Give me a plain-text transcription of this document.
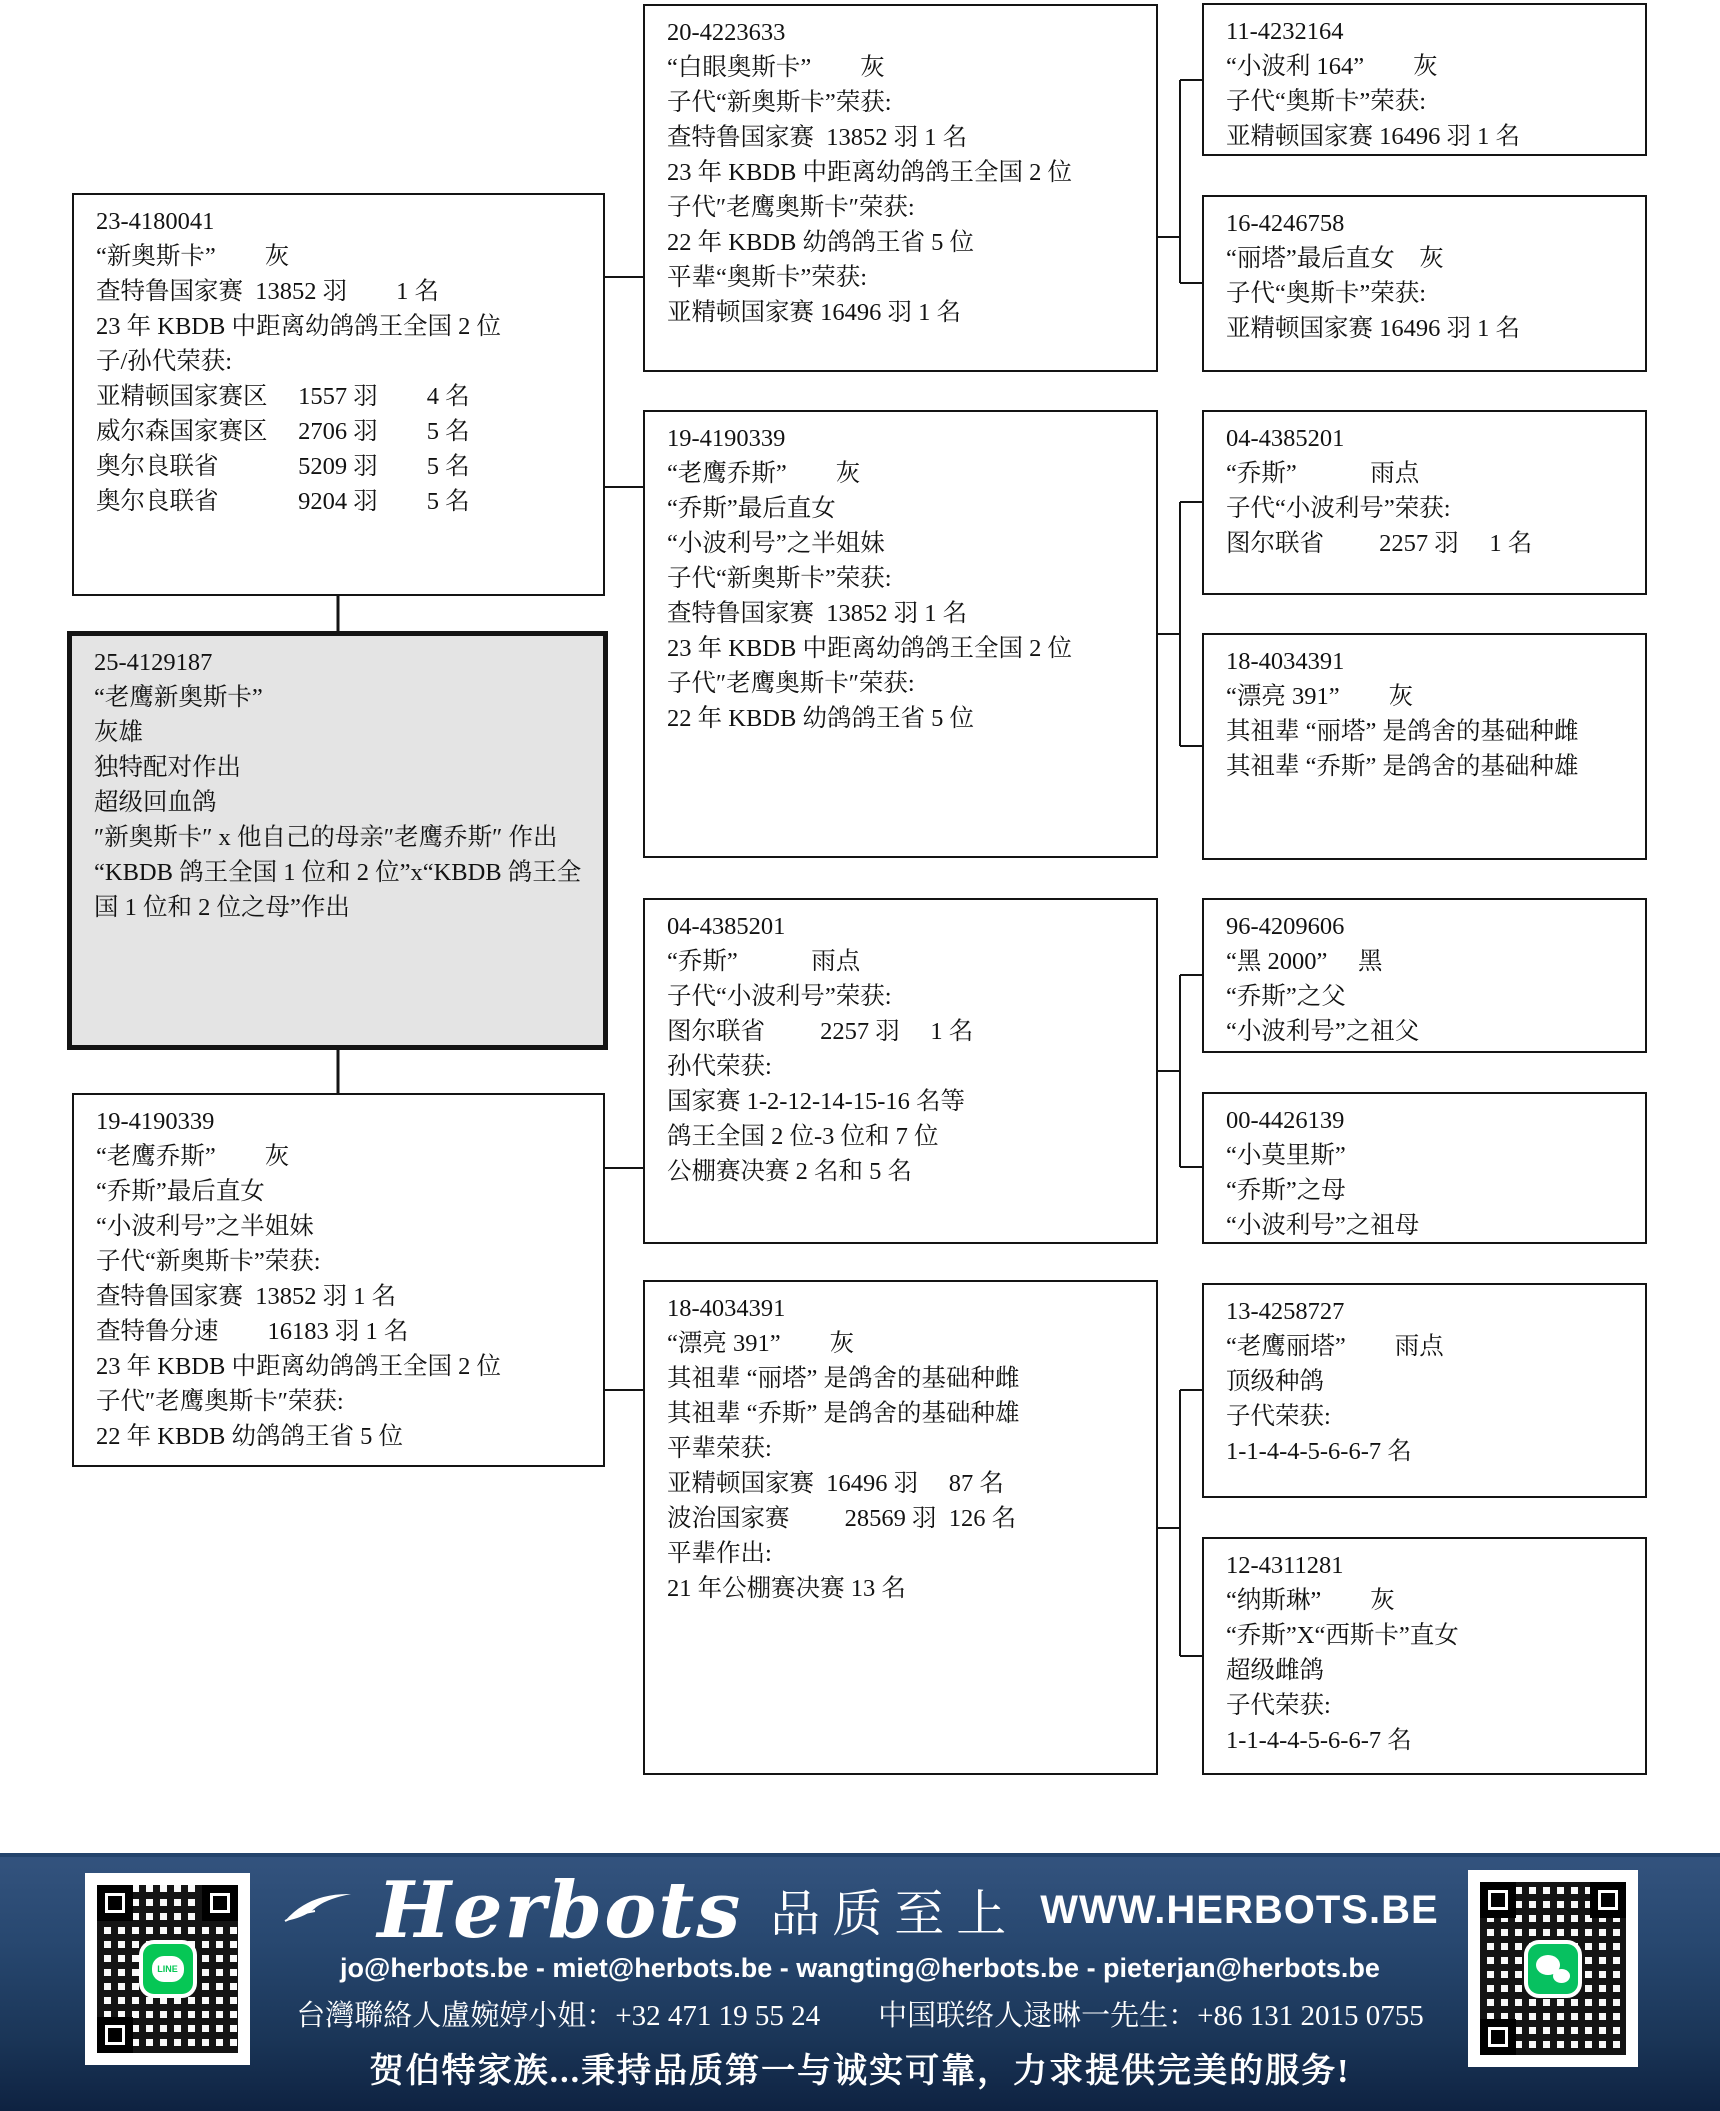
23-4180041
“新奥斯卡”　　灰
查特鲁国家赛  13852 羽　　1 名
23 年 KBDB 中距离幼鸽鸽王全国 2 位
子/孙代荣获:
亚精顿国家赛区　 1557 羽　　4 名
威尔森国家赛区　 2706 羽　　5 名
奥尔良联省　　　 5209 羽　　5 名
奥尔良联省　　　 9204 羽　　5 名
25-4129187
“老鹰新奥斯卡”
灰雄
独特配对作出
超级回血鸽
″新奥斯卡″ x 他自己的母亲″老鹰乔斯″ 作出
“KBDB 鸽王全国 1 位和 2 位”x“KBDB 鸽王全国 1 位和 2 位之母”作出
19-4190339
“老鹰乔斯”　　灰
“乔斯”最后直女
“小波利号”之半姐妹
子代“新奥斯卡”荣获:
查特鲁国家赛  13852 羽 1 名
查特鲁分速　　16183 羽 1 名
23 年 KBDB 中距离幼鸽鸽王全国 2 位
子代″老鹰奥斯卡″荣获:
22 年 KBDB 幼鸽鸽王省 5 位
20-4223633
“白眼奥斯卡”　　灰
子代“新奥斯卡”荣获:
查特鲁国家赛  13852 羽 1 名
23 年 KBDB 中距离幼鸽鸽王全国 2 位
子代″老鹰奥斯卡″荣获:
22 年 KBDB 幼鸽鸽王省 5 位
平辈“奥斯卡”荣获:
亚精顿国家赛 16496 羽 1 名
19-4190339
“老鹰乔斯”　　灰
“乔斯”最后直女
“小波利号”之半姐妹
子代“新奥斯卡”荣获:
查特鲁国家赛  13852 羽 1 名
23 年 KBDB 中距离幼鸽鸽王全国 2 位
子代″老鹰奥斯卡″荣获:
22 年 KBDB 幼鸽鸽王省 5 位
04-4385201
“乔斯”　　　雨点
子代“小波利号”荣获:
图尔联省　　 2257 羽　 1 名
孙代荣获:
国家赛 1-2-12-14-15-16 名等
鸽王全国 2 位-3 位和 7 位
公棚赛决赛 2 名和 5 名
18-4034391
“漂亮 391”　　灰
其祖辈 “丽塔” 是鸽舍的基础种雌
其祖辈 “乔斯” 是鸽舍的基础种雄
平辈荣获:
亚精顿国家赛  16496 羽　 87 名
波治国家赛　　 28569 羽  126 名
平辈作出:
21 年公棚赛决赛 13 名
11-4232164
“小波利 164”　　灰
子代“奥斯卡”荣获:
亚精顿国家赛 16496 羽 1 名
16-4246758
“丽塔”最后直女　灰
子代“奥斯卡”荣获:
亚精顿国家赛 16496 羽 1 名
04-4385201
“乔斯”　　　雨点
子代“小波利号”荣获:
图尔联省　　 2257 羽　 1 名
18-4034391
“漂亮 391”　　灰
其祖辈 “丽塔” 是鸽舍的基础种雌
其祖辈 “乔斯” 是鸽舍的基础种雄
96-4209606
“黑 2000”　 黑
“乔斯”之父
“小波利号”之祖父
00-4426139
“小莫里斯”
“乔斯”之母
“小波利号”之祖母
13-4258727
“老鹰丽塔”　　雨点
顶级种鸽
子代荣获:
1-1-4-4-5-6-6-7 名
12-4311281
“纳斯琳”　　灰
“乔斯”X“西斯卡”直女
超级雌鸽
子代荣获:
1-1-4-4-5-6-6-7 名
Herbots 品质至上 WWW.HERBOTS.BE
jo@herbots.be - miet@herbots.be - wangting@herbots.be - pieterjan@herbots.be
台灣聯絡人盧婉婷小姐：+32 471 19 55 24　　中国联络人逯晽一先生：+86 131 2015 0755
贺伯特家族...秉持品质第一与诚实可靠，力求提供完美的服务!
LINE
